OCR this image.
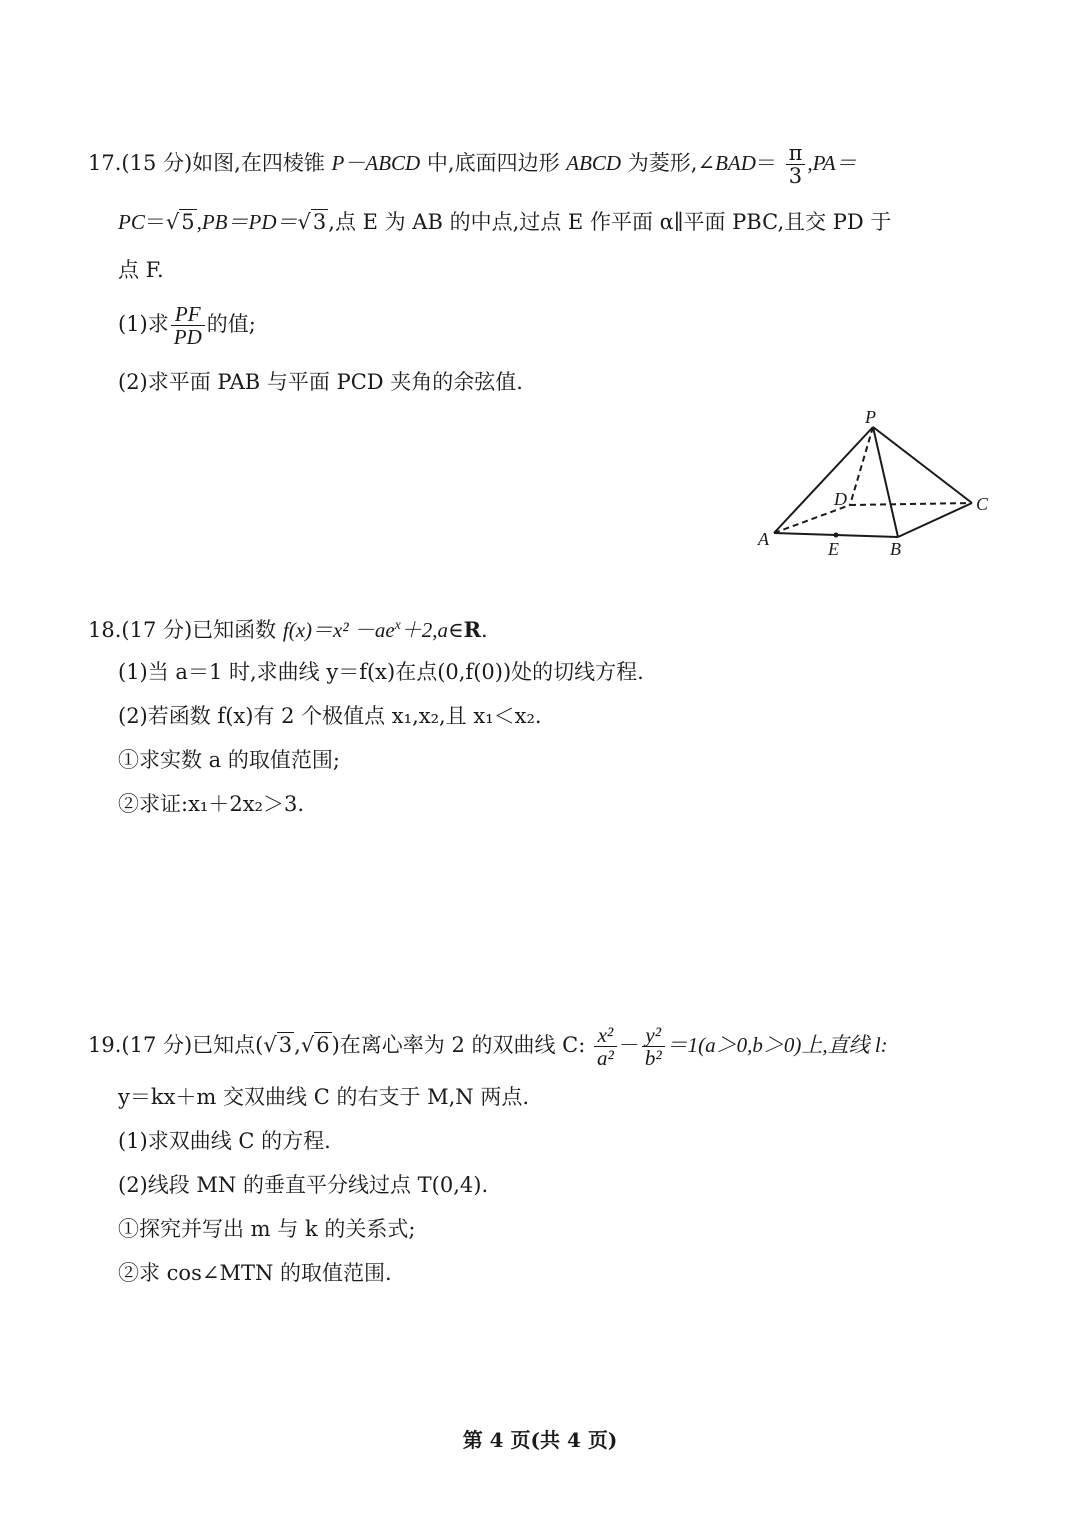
17.(15 分)如图,在四棱锥 P－ABCD 中,底面四边形 ABCD 为菱形,∠BAD＝ $\frac{\pi}{3} ,PA=$
PC＝√5,PB＝PD＝√3,点 E 为 AB 的中点,过点 E 作平面 α∥平面 PBC,且交 PD 于
点 F.
(1)求 $\frac{PF}{PD}$ 的值;
(2)求平面 PAB 与平面 PCD 夹角的余弦值.
P
A	B
C
D
E
18.(17 分)已知函数 $f(x)=x^2 -ae^x+2,a\in R$.
(1)当 a＝1 时,求曲线 y＝f(x)在点(0,f(0))处的切线方程.
(2)若函数 f(x)有 2 个极值点 x₁,x₂,且 x₁＜x₂.
①求实数 a 的取值范围;
②求证:x₁＋2x₂＞3.
19.(17 分)已知点(√3,√6)在离心率为 2 的双曲线 C: $\frac{\text{x²}}{\text{a²}} - \frac{\text{y²}}{\text{b²}} =1(a>0,b>0)$上,直线 l:
y＝kx＋m 交双曲线 C 的右支于 M,N 两点.
(1)求双曲线 C 的方程.
(2)线段 MN 的垂直平分线过点 T(0,4).
①探究并写出 m 与 k 的关系式;
②求 cos∠MTN 的取值范围.
第 4 页(共 4 页)
